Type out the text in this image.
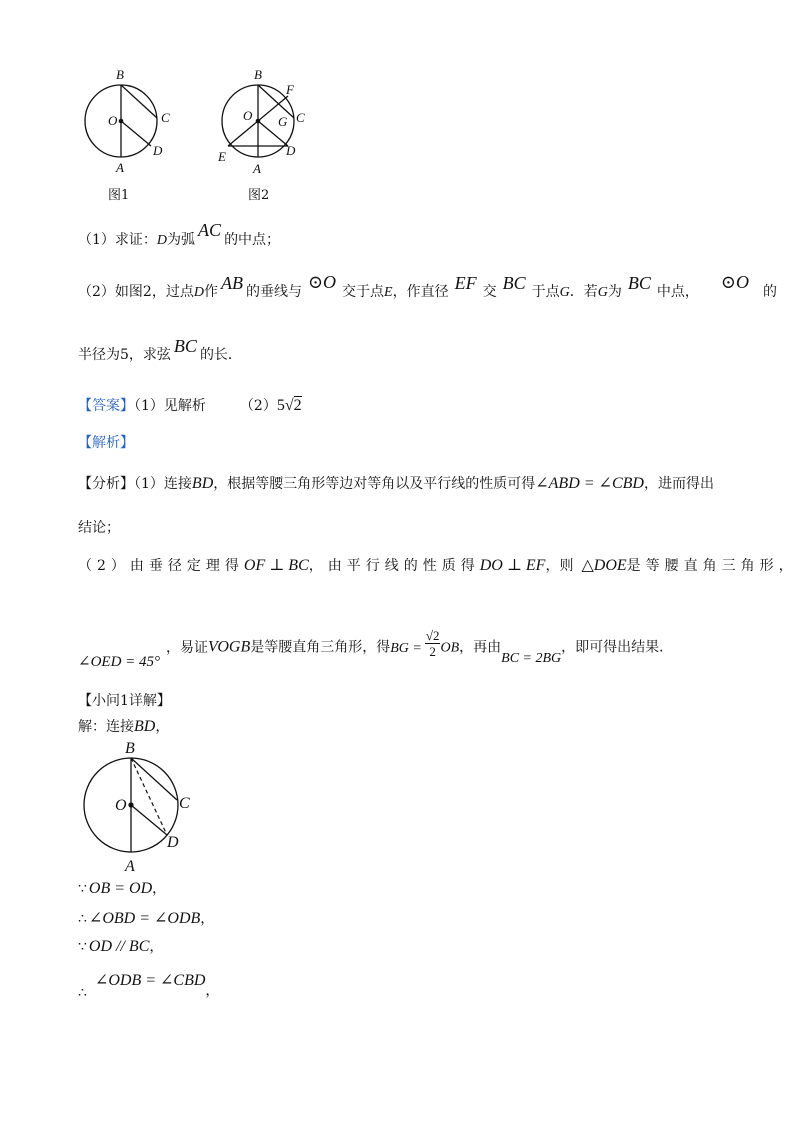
B
O	C
D
A
图1
B
F
O G C
E	D
A
图2
（1）求证：D为弧 AC 的中点；
（2）如图2，过点D作 AB 的垂线与 ⊙O 交于点E，作直径 EF 交 BC 于点G．若G为 BC 中点， ⊙O 的
半径为5，求弦 BC 的长．
【答案】（1）见解析 （2）5√2
【解析】
【分析】（1）连接BD，根据等腰三角形等边对等角以及平行线的性质可得∠ABD = ∠CBD，进而得出
结论；
（2）由垂径定理得OF ⊥ BC，由平行线的性质得DO ⊥ EF，则 △DOE是等腰直角三角形，
∠OED = 45°，易证VOGB是等腰直角三角形，得BG = $\frac{√2}{2}$ OB，再由BC = 2BG，即可得出结果．
【小问1详解】
解：连接BD，
B
O	C
D
A
∵ OB = OD，
∴ ∠OBD = ∠ODB，
∵ OD // BC，
∴∠ODB = ∠CBD，
